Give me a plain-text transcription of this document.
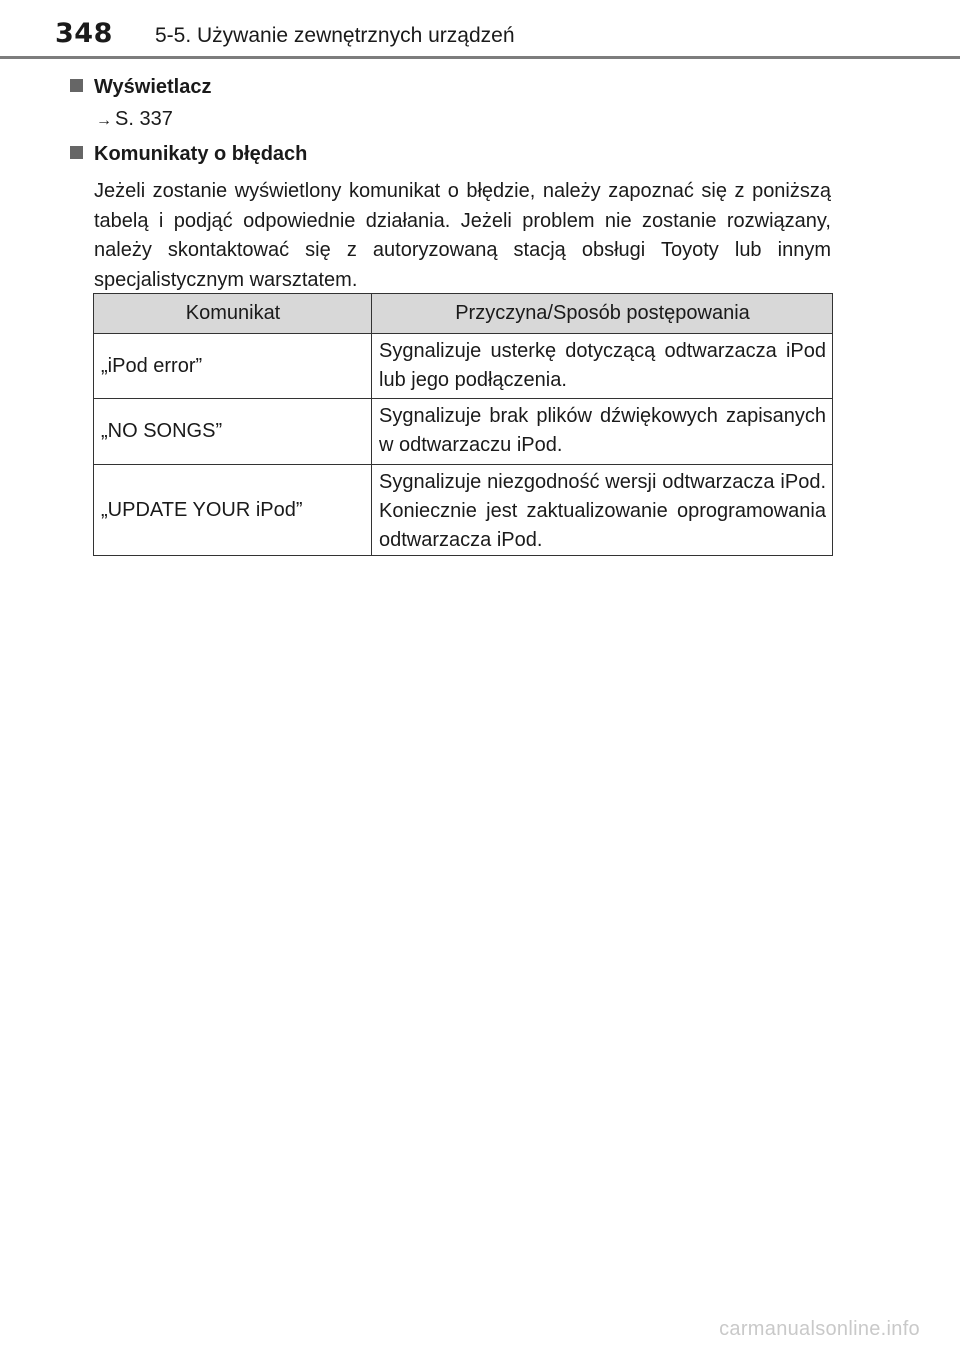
348 5-5. Używanie zewnętrznych urządzeń
Wyświetlacz
→ S. 337
Komunikaty o błędach
Jeżeli zostanie wyświetlony komunikat o błędzie, należy zapoznać się z poniższą tabelą i podjąć odpowiednie działania. Jeżeli problem nie zostanie rozwiązany, należy skontaktować się z autoryzowaną stacją obsługi Toyoty lub innym specjalistycznym warsztatem.
Komunikat	Przyczyna/Sposób postępowania
„iPod error”	Sygnalizuje usterkę dotyczącą odtwarzacza iPod lub jego podłączenia.

„NO SONGS”	Sygnalizuje brak plików dźwiękowych zapisanych w odtwarzaczu iPod.

„UPDATE YOUR iPod”	Sygnalizuje niezgodność wersji odtwarzacza iPod. Koniecznie jest zaktualizowanie oprogramowania odtwarzacza iPod.
carmanualsonline.info
